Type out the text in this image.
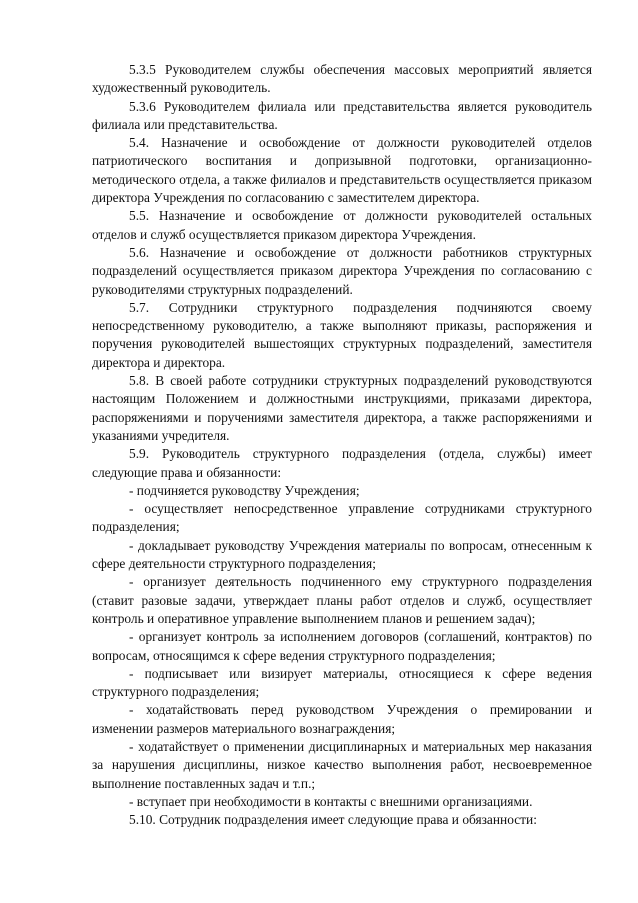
5.3.5 Руководителем службы обеспечения массовых мероприятий является художественный руководитель.

5.3.6 Руководителем филиала или представительства является руководитель филиала или представительства.

5.4. Назначение и освобождение от должности руководителей отделов патриотического воспитания и допризывной подготовки, организационно-методического отдела, а также филиалов и представительств осуществляется приказом директора Учреждения по согласованию с заместителем директора.

5.5. Назначение и освобождение от должности руководителей остальных отделов и служб осуществляется приказом директора Учреждения.

5.6. Назначение и освобождение от должности работников структурных подразделений осуществляется приказом директора Учреждения по согласованию с руководителями структурных подразделений.

5.7. Сотрудники структурного подразделения подчиняются своему непосредственному руководителю, а также выполняют приказы, распоряжения и поручения руководителей вышестоящих структурных подразделений, заместителя директора и директора.

5.8. В своей работе сотрудники структурных подразделений руководствуются настоящим Положением и должностными инструкциями, приказами директора, распоряжениями и поручениями заместителя директора, а также распоряжениями и указаниями учредителя.

5.9. Руководитель структурного подразделения (отдела, службы) имеет следующие права и обязанности:

- подчиняется руководству Учреждения;

- осуществляет непосредственное управление сотрудниками структурного подразделения;

- докладывает руководству Учреждения материалы по вопросам, отнесенным к сфере деятельности структурного подразделения;

- организует деятельность подчиненного ему структурного подразделения (ставит разовые задачи, утверждает планы работ отделов и служб, осуществляет контроль и оперативное управление выполнением планов и решением задач);

- организует контроль за исполнением договоров (соглашений, контрактов) по вопросам, относящимся к сфере ведения структурного подразделения;

- подписывает или визирует материалы, относящиеся к сфере ведения структурного подразделения;

- ходатайствовать перед руководством Учреждения о премировании и изменении размеров материального вознаграждения;

- ходатайствует о применении дисциплинарных и материальных мер наказания за нарушения дисциплины, низкое качество выполнения работ, несвоевременное выполнение поставленных задач и т.п.;

- вступает при необходимости в контакты с внешними организациями.

5.10. Сотрудник подразделения имеет следующие права и обязанности:
